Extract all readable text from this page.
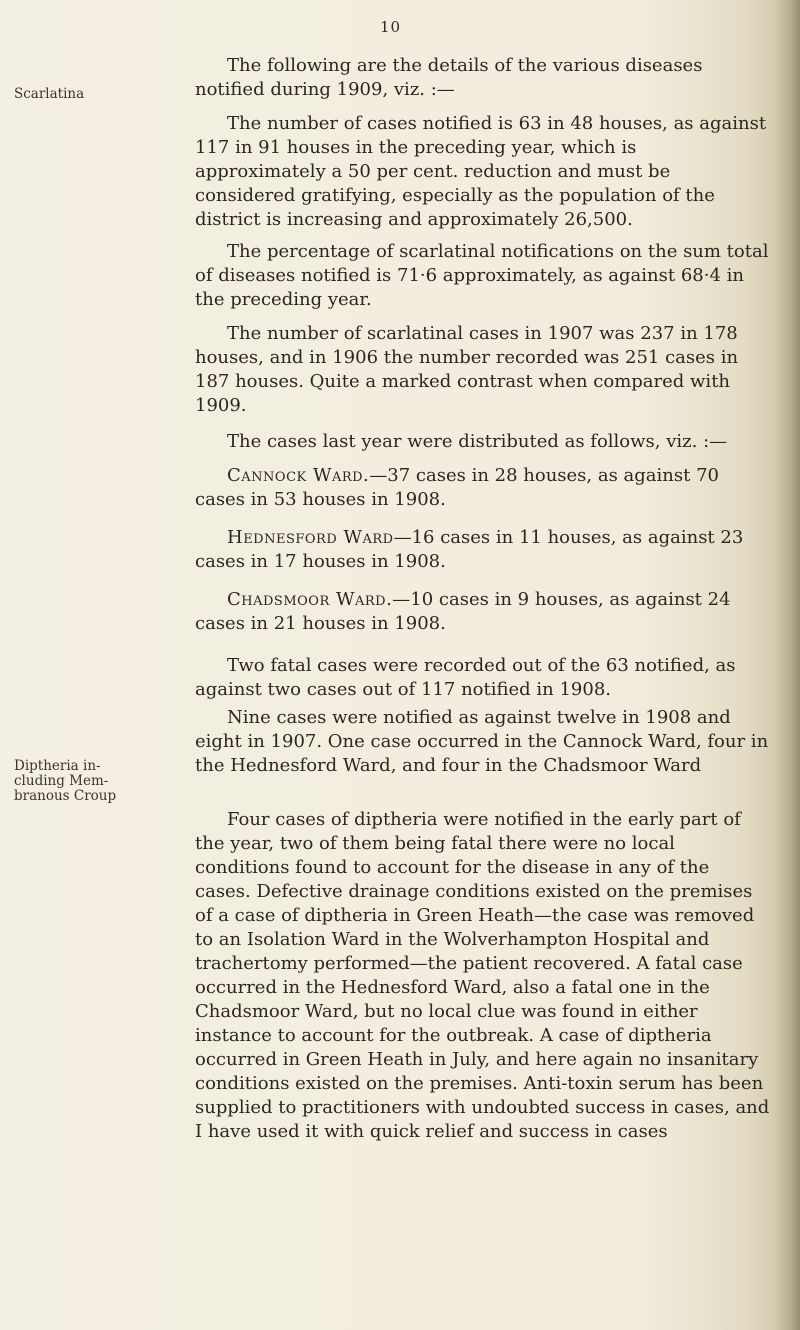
10
Scarlatina
Diptheria in-
cluding Mem-
branous Croup

The following are the details of the various diseases notified during 1909, viz. :—

The number of cases notified is 63 in 48 houses, as against 117 in 91 houses in the preceding year, which is approximately a 50 per cent. reduction and must be considered gratifying, especially as the population of the district is increasing and approximately 26,500.

The percentage of scarlatinal notifications on the sum total of diseases notified is 71·6 approximately, as against 68·4 in the preceding year.

The number of scarlatinal cases in 1907 was 237 in 178 houses, and in 1906 the number recorded was 251 cases in 187 houses. Quite a marked contrast when compared with 1909.

The cases last year were distributed as follows, viz. :—

Cannock Ward.—37 cases in 28 houses, as against 70 cases in 53 houses in 1908.

Hednesford Ward—16 cases in 11 houses, as against 23 cases in 17 houses in 1908.

Chadsmoor Ward.—10 cases in 9 houses, as against 24 cases in 21 houses in 1908.

Two fatal cases were recorded out of the 63 notified, as against two cases out of 117 notified in 1908.

Nine cases were notified as against twelve in 1908 and eight in 1907. One case occurred in the Cannock Ward, four in the Hednesford Ward, and four in the Chadsmoor Ward

Four cases of diptheria were notified in the early part of the year, two of them being fatal there were no local conditions found to account for the disease in any of the cases. Defective drainage conditions existed on the premises of a case of diptheria in Green Heath—the case was removed to an Isolation Ward in the Wolverhampton Hospital and trachertomy performed—the patient recovered. A fatal case occurred in the Hednesford Ward, also a fatal one in the Chadsmoor Ward, but no local clue was found in either instance to account for the outbreak. A case of diptheria occurred in Green Heath in July, and here again no insanitary conditions existed on the premises. Anti-toxin serum has been supplied to practitioners with undoubted success in cases, and I have used it with quick relief and success in cases
